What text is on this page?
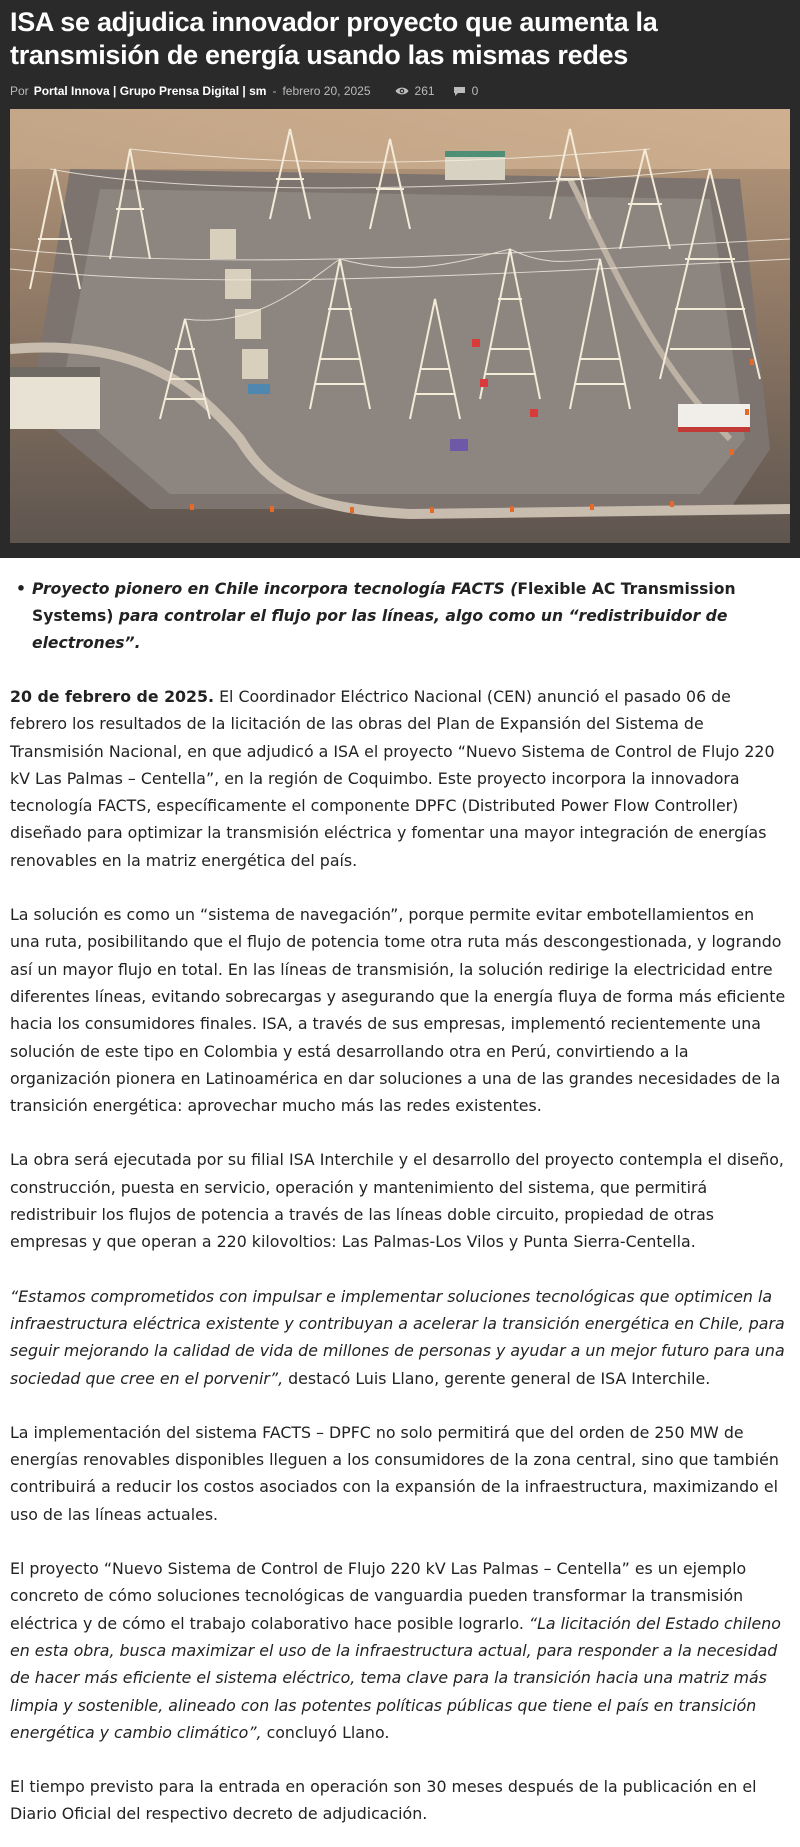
ISA se adjudica innovador proyecto que aumenta la transmisión de energía usando las mismas redes
Por Portal Innova | Grupo Prensa Digital | sm - febrero 20, 2025	261	0
• Proyecto pionero en Chile incorpora tecnología FACTS (Flexible AC Transmission Systems) para controlar el flujo por las líneas, algo como un “redistribuidor de electrones”.

20 de febrero de 2025. El Coordinador Eléctrico Nacional (CEN) anunció el pasado 06 de febrero los resultados de la licitación de las obras del Plan de Expansión del Sistema de Transmisión Nacional, en que adjudicó a ISA el proyecto “Nuevo Sistema de Control de Flujo 220 kV Las Palmas – Centella”, en la región de Coquimbo. Este proyecto incorpora la innovadora tecnología FACTS, específicamente el componente DPFC (Distributed Power Flow Controller) diseñado para optimizar la transmisión eléctrica y fomentar una mayor integración de energías renovables en la matriz energética del país.

La solución es como un “sistema de navegación”, porque permite evitar embotellamientos en una ruta, posibilitando que el flujo de potencia tome otra ruta más descongestionada, y logrando así un mayor flujo en total. En las líneas de transmisión, la solución redirige la electricidad entre diferentes líneas, evitando sobrecargas y asegurando que la energía fluya de forma más eficiente hacia los consumidores finales. ISA, a través de sus empresas, implementó recientemente una solución de este tipo en Colombia y está desarrollando otra en Perú, convirtiendo a la organización pionera en Latinoamérica en dar soluciones a una de las grandes necesidades de la transición energética: aprovechar mucho más las redes existentes.

La obra será ejecutada por su filial ISA Interchile y el desarrollo del proyecto contempla el diseño, construcción, puesta en servicio, operación y mantenimiento del sistema, que permitirá redistribuir los flujos de potencia a través de las líneas doble circuito, propiedad de otras empresas y que operan a 220 kilovoltios: Las Palmas-Los Vilos y Punta Sierra-Centella.

“Estamos comprometidos con impulsar e implementar soluciones tecnológicas que optimicen la infraestructura eléctrica existente y contribuyan a acelerar la transición energética en Chile, para seguir mejorando la calidad de vida de millones de personas y ayudar a un mejor futuro para una sociedad que cree en el porvenir”, destacó Luis Llano, gerente general de ISA Interchile.

La implementación del sistema FACTS – DPFC no solo permitirá que del orden de 250 MW de energías renovables disponibles lleguen a los consumidores de la zona central, sino que también contribuirá a reducir los costos asociados con la expansión de la infraestructura, maximizando el uso de las líneas actuales.

El proyecto “Nuevo Sistema de Control de Flujo 220 kV Las Palmas – Centella” es un ejemplo concreto de cómo soluciones tecnológicas de vanguardia pueden transformar la transmisión eléctrica y de cómo el trabajo colaborativo hace posible lograrlo. “La licitación del Estado chileno en esta obra, busca maximizar el uso de la infraestructura actual, para responder a la necesidad de hacer más eficiente el sistema eléctrico, tema clave para la transición hacia una matriz más limpia y sostenible, alineado con las potentes políticas públicas que tiene el país en transición energética y cambio climático”, concluyó Llano.

El tiempo previsto para la entrada en operación son 30 meses después de la publicación en el Diario Oficial del respectivo decreto de adjudicación.
